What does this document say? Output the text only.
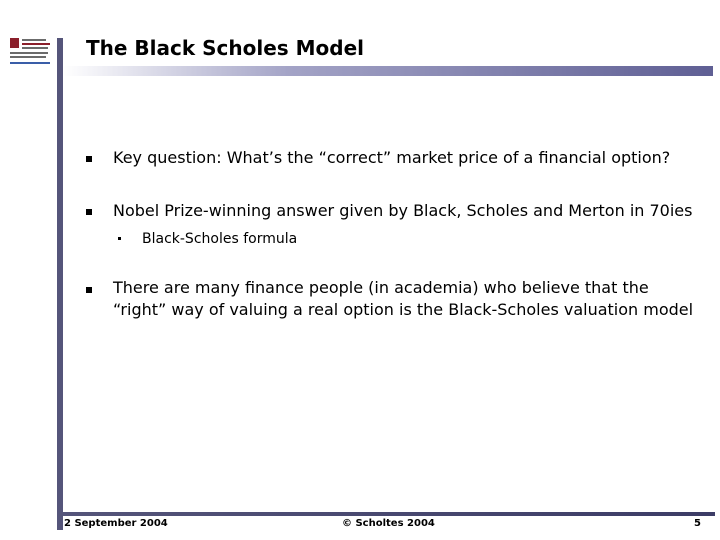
The Black Scholes Model
Key question: What’s the “correct” market price of a financial option?
Nobel Prize-winning answer given by Black, Scholes and Merton in 70ies
Black-Scholes formula
There are many finance people (in academia) who believe that the “right” way of valuing a real option is the Black-Scholes valuation model
2 September 2004	© Scholtes 2004	5
